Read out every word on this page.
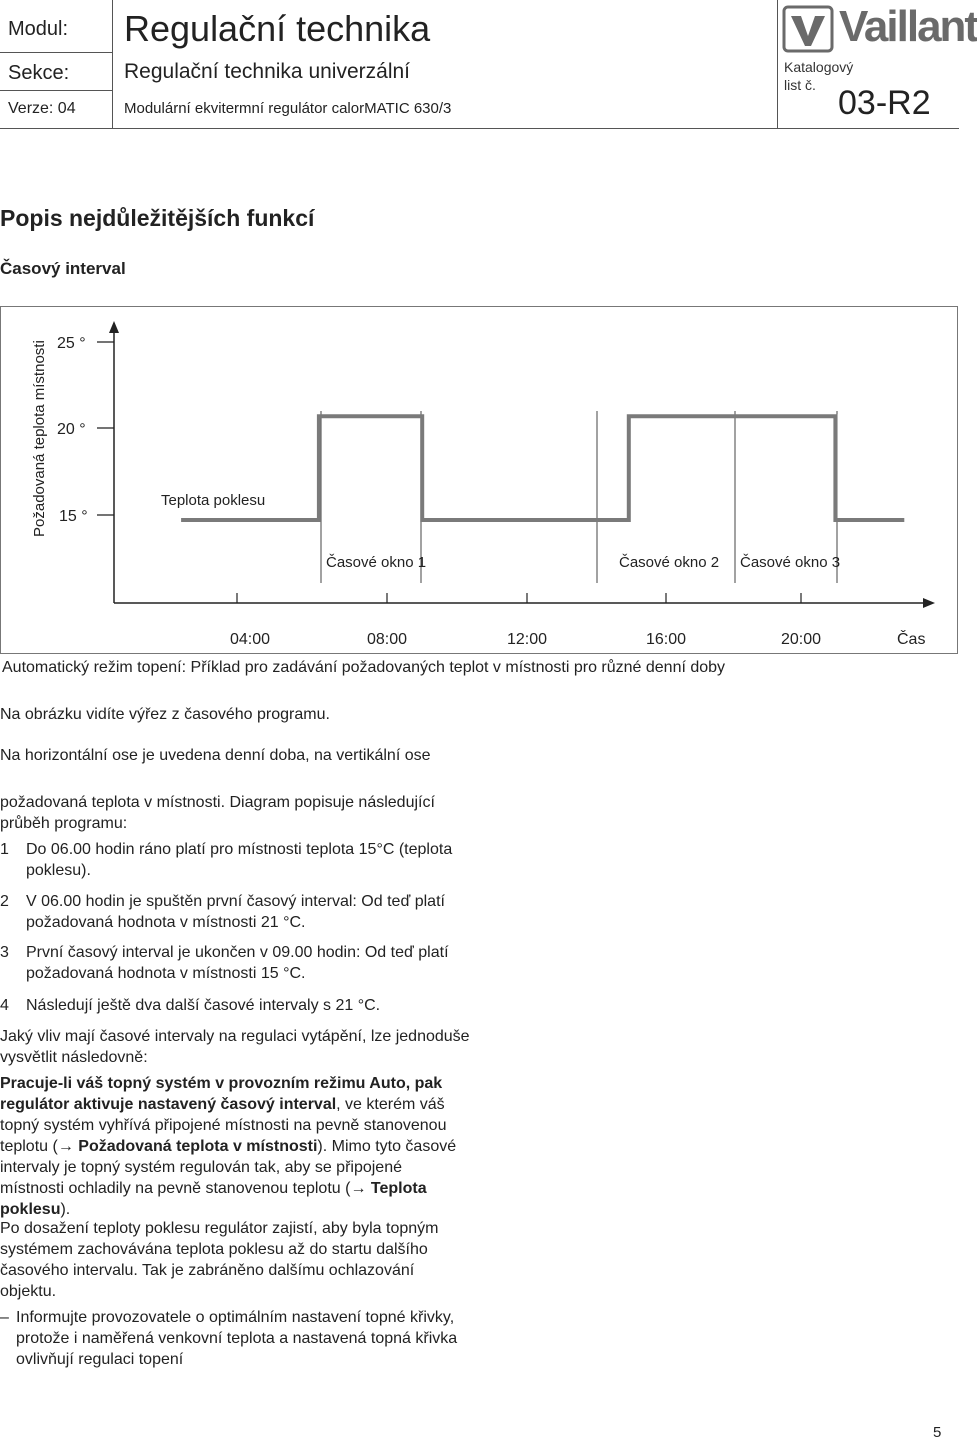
Modul: Regulační technika
Sekce:	Regulační technika univerzální
Verze: 04	Modulární ekvitermní regulátor calorMATIC 630/3
Vaillant
Katalogový list č. 03-R2
Popis nejdůležitějších funkcí
Časový interval
25 °
20 °
15 °
Požadovaná teplota místnosti
04:00	08:00	12:00	16:00	20:00	Čas
Teplota poklesu
Časové okno 1	Časové okno 2 Časové okno 3
Automatický režim topení: Příklad pro zadávání požadovaných teplot v místnosti pro různé denní doby

Na obrázku vidíte výřez z časového programu.

Na horizontální ose je uvedena denní doba, na vertikální ose

požadovaná teplota v místnosti. Diagram popisuje následující průběh programu:

1 Do 06.00 hodin ráno platí pro místnosti teplota 15°C (teplota poklesu).
2 V 06.00 hodin je spuštěn první časový interval: Od teď platí požadovaná hodnota v místnosti 21 °C.
3 První časový interval je ukončen v 09.00 hodin: Od teď platí požadovaná hodnota v místnosti 15 °C.
4 Následují ještě dva další časové intervaly s 21 °C.

Jaký vliv mají časové intervaly na regulaci vytápění, lze jednoduše vysvětlit následovně:

Pracuje-li váš topný systém v provozním režimu Auto, pak regulátor aktivuje nastavený časový interval, ve kterém váš topný systém vyhřívá připojené místnosti na pevně stanovenou teplotu (→ Požadovaná teplota v místnosti). Mimo tyto časové intervaly je topný systém regulován tak, aby se připojené místnosti ochladily na pevně stanovenou teplotu (→ Teplota poklesu).

Po dosažení teploty poklesu regulátor zajistí, aby byla topným systémem zachovávána teplota poklesu až do startu dalšího časového intervalu. Tak je zabráněno dalšímu ochlazování objektu.

– Informujte provozovatele o optimálním nastavení topné křivky, protože i naměřená venkovní teplota a nastavená topná křivka ovlivňují regulaci topení
5
